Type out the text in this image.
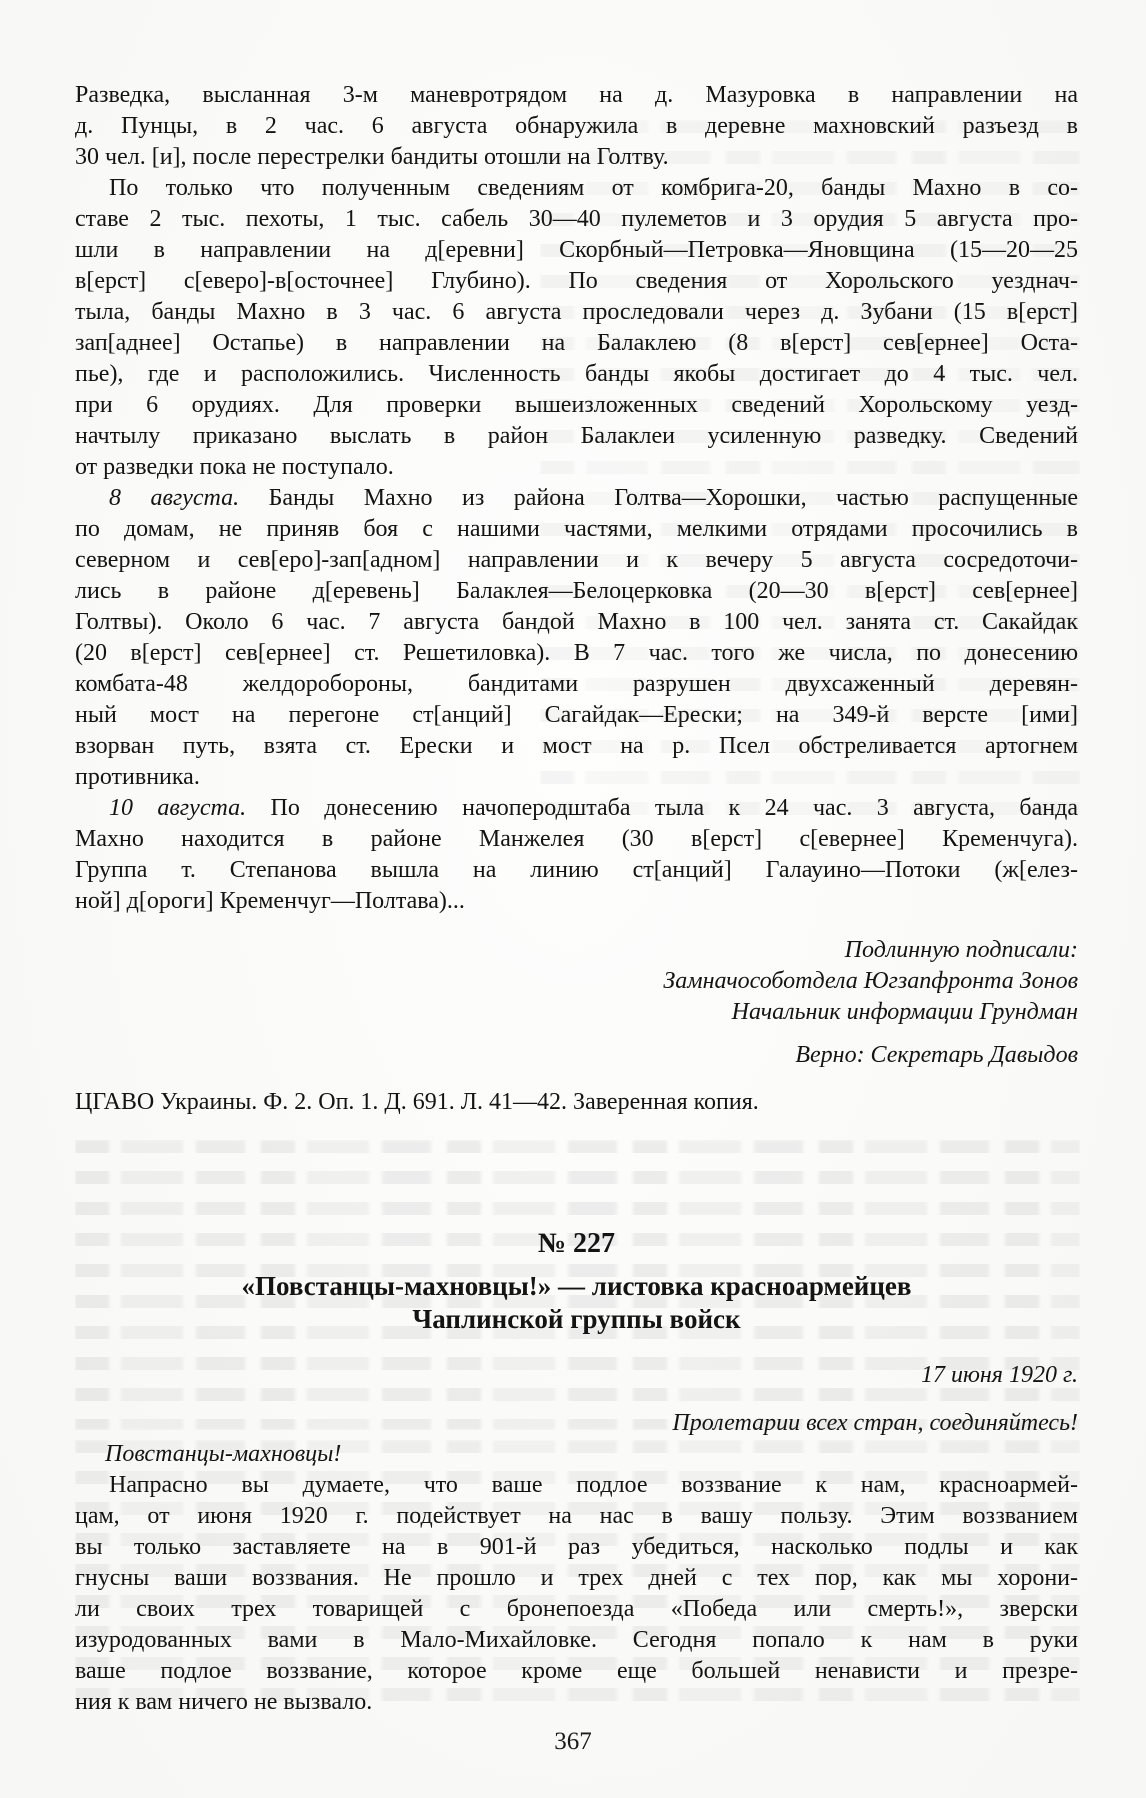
Разведка, высланная 3-м маневротрядом на д. Мазуровка в направлении на
д. Пунцы, в 2 час. 6 августа обнаружила в деревне махновский разъезд в
30 чел. [и], после перестрелки бандиты отошли на Голтву.
По только что полученным сведениям от комбрига-20, банды Махно в со-
ставе 2 тыс. пехоты, 1 тыс. сабель 30—40 пулеметов и 3 орудия 5 августа про-
шли в направлении на д[еревни] Скорбный—Петровка—Яновщина (15—20—25
в[ерст] с[еверо]-в[осточнее] Глубино). По сведения от Хорольского уезднач-
тыла, банды Махно в 3 час. 6 августа проследовали через д. Зубани (15 в[ерст]
зап[аднее] Остапье) в направлении на Балаклею (8 в[ерст] сев[ернее] Оста-
пье), где и расположились. Численность банды якобы достигает до 4 тыс. чел.
при 6 орудиях. Для проверки вышеизложенных сведений Хорольскому уезд-
начтылу приказано выслать в район Балаклеи усиленную разведку. Сведений
от разведки пока не поступало.
8 августа. Банды Махно из района Голтва—Хорошки, частью распущенные
по домам, не приняв боя с нашими частями, мелкими отрядами просочились в
северном и сев[еро]-зап[адном] направлении и к вечеру 5 августа сосредоточи-
лись в районе д[еревень] Балаклея—Белоцерковка (20—30 в[ерст] сев[ернее]
Голтвы). Около 6 час. 7 августа бандой Махно в 100 чел. занята ст. Сакайдак
(20 в[ерст] сев[ернее] ст. Решетиловка). В 7 час. того же числа, по донесению
комбата-48 желдоробороны, бандитами разрушен двухсаженный деревян-
ный мост на перегоне ст[анций] Сагайдак—Ерески; на 349-й версте [ими]
взорван путь, взята ст. Ерески и мост на р. Псел обстреливается артогнем
противника.
10 августа. По донесению начоперодштаба тыла к 24 час. 3 августа, банда
Махно находится в районе Манжелея (30 в[ерст] с[евернее] Кременчуга).
Группа т. Степанова вышла на линию ст[анций] Галауино—Потоки (ж[елез-
ной] д[ороги] Кременчуг—Полтава)...
Подлинную подписали:
Замначособотдела Югзапфронта Зонов
Начальник информации Грундман
Верно: Секретарь Давыдов
ЦГАВО Украины. Ф. 2. Оп. 1. Д. 691. Л. 41—42. Заверенная копия.
№ 227
«Повстанцы-махновцы!» — листовка красноармейцев
Чаплинской группы войск
17 июня 1920 г.
Пролетарии всех стран, соединяйтесь!
Повстанцы-махновцы!
Напрасно вы думаете, что ваше подлое воззвание к нам, красноармей-
цам, от июня 1920 г. подействует на нас в вашу пользу. Этим воззванием
вы только заставляете на в 901-й раз убедиться, насколько подлы и как
гнусны ваши воззвания. Не прошло и трех дней с тех пор, как мы хорони-
ли своих трех товарищей с бронепоезда «Победа или смерть!», зверски
изуродованных вами в Мало-Михайловке. Сегодня попало к нам в руки
ваше подлое воззвание, которое кроме еще большей ненависти и презре-
ния к вам ничего не вызвало.
367
